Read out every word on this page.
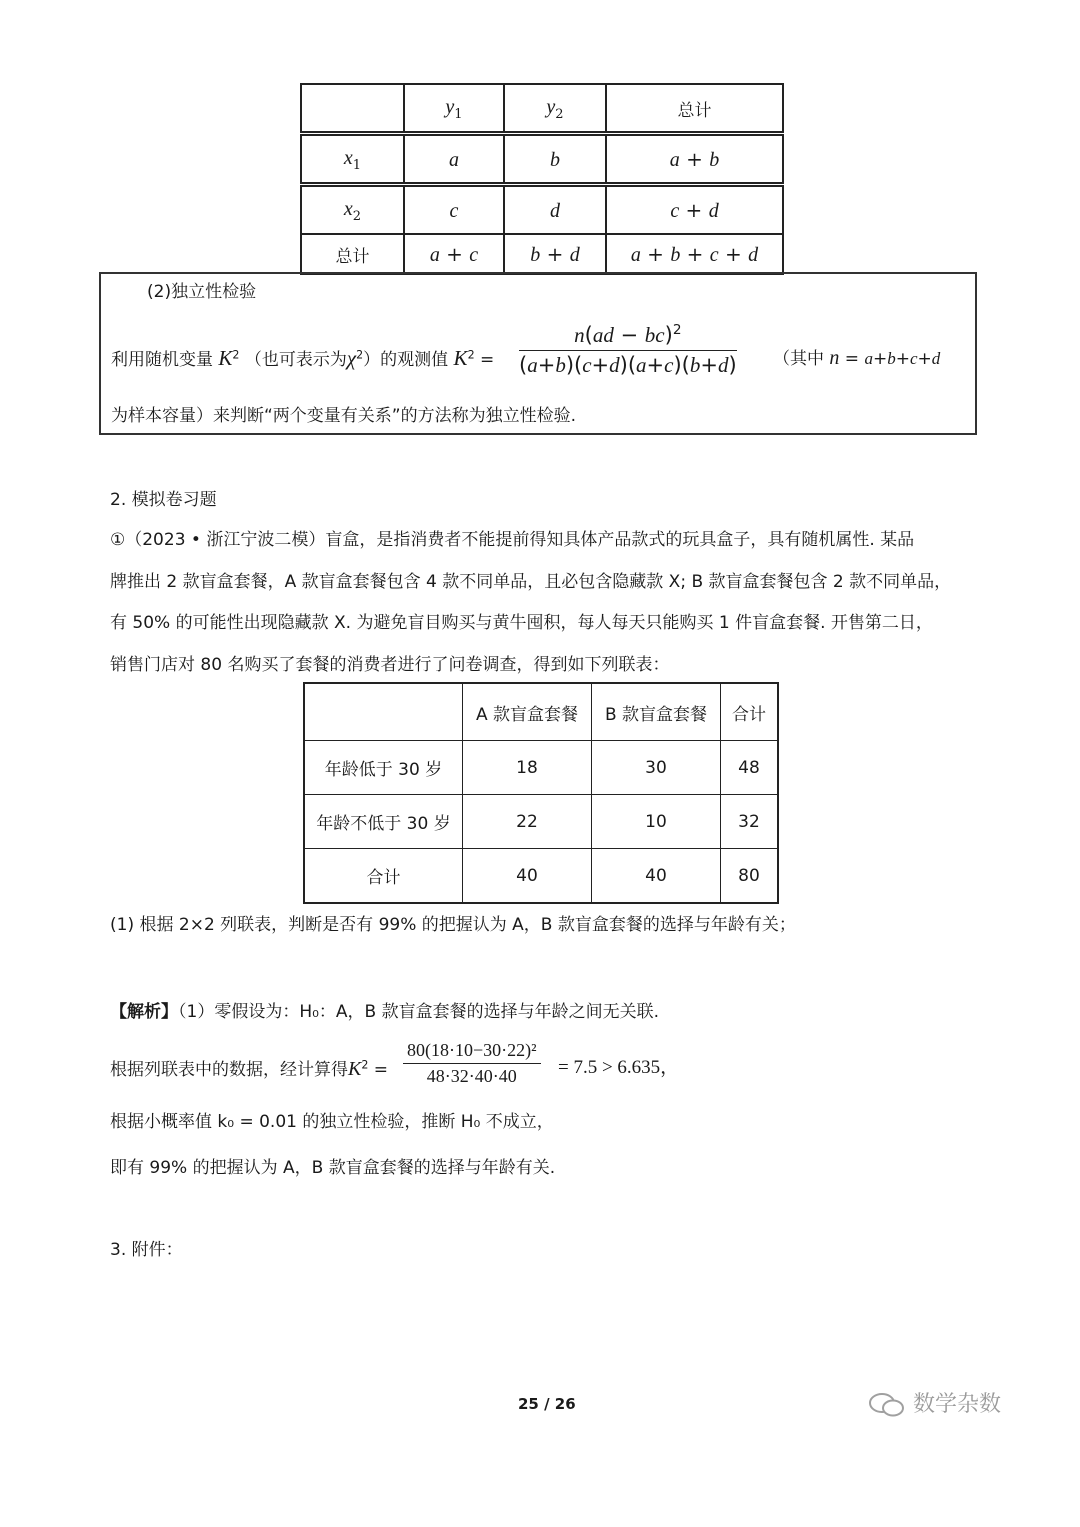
	$y_1$	$y_2$	总计
$x_1$	a	b	a + b
$x_2$	c	d	c + d
总计	a + c	b + d	a + b + c + d
(2)独立性检验
利用随机变量 $K^2$ （也可表示为$\chi^2$）的观测值 $K^2 = \frac{n(ad - bc)^2}{(a+b)(c+d)(a+c)(b+d)}$ （其中 n = a+b+c+d
为样本容量）来判断“两个变量有关系”的方法称为独立性检验.
2. 模拟卷习题
①（2023 • 浙江宁波二模）盲盒，是指消费者不能提前得知具体产品款式的玩具盒子，具有随机属性. 某品
牌推出 2 款盲盒套餐，A 款盲盒套餐包含 4 款不同单品，且必包含隐藏款 X; B 款盲盒套餐包含 2 款不同单品，
有 50% 的可能性出现隐藏款 X. 为避免盲目购买与黄牛囤积，每人每天只能购买 1 件盲盒套餐. 开售第二日，
销售门店对 80 名购买了套餐的消费者进行了问卷调查，得到如下列联表：
	A 款盲盒套餐	B 款盲盒套餐	合计
年龄低于 30 岁	18	30	48
年龄不低于 30 岁	22	10	32
合计	40	40	80
(1) 根据 2×2 列联表，判断是否有 99% 的把握认为 A，B 款盲盒套餐的选择与年龄有关；
【解析】（1）零假设为：H₀：A，B 款盲盒套餐的选择与年龄之间无关联.
根据列联表中的数据，经计算得$K^2 = \frac{\text{80(18·10−30·22)²}}{48\cdot 32\cdot 40\cdot 40} = 7.5 > 6.635$，
根据小概率值 k₀ = 0.01 的独立性检验，推断 H₀ 不成立，
即有 99% 的把握认为 A，B 款盲盒套餐的选择与年龄有关.
3. 附件：
25 / 26	数学杂数
